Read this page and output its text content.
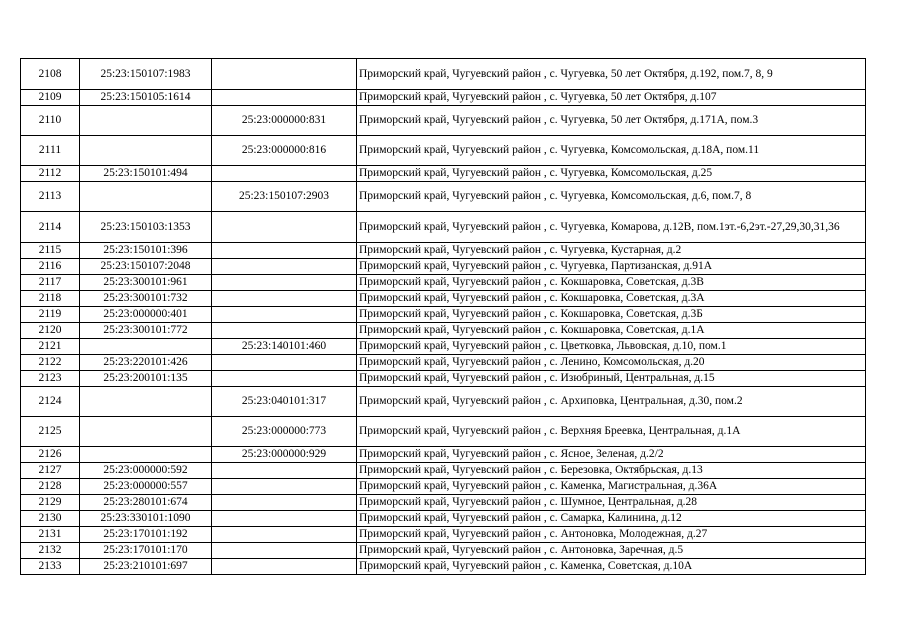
2108	25:23:150107:1983		Приморский край, Чугуевский район , с. Чугуевка, 50 лет Октября, д.192, пом.7, 8, 9
2109	25:23:150105:1614		Приморский край, Чугуевский район , с. Чугуевка, 50 лет Октября, д.107
2110		25:23:000000:831	Приморский край, Чугуевский район , с. Чугуевка, 50 лет Октября, д.171А, пом.3
2111		25:23:000000:816	Приморский край, Чугуевский район , с. Чугуевка, Комсомольская, д.18А, пом.11
2112	25:23:150101:494		Приморский край, Чугуевский район , с. Чугуевка, Комсомольская, д.25
2113		25:23:150107:2903	Приморский край, Чугуевский район , с. Чугуевка, Комсомольская, д.6, пом.7, 8
2114	25:23:150103:1353		Приморский край, Чугуевский район , с. Чугуевка, Комарова, д.12В, пом.1эт.-6,2эт.-27,29,30,31,36
2115	25:23:150101:396		Приморский край, Чугуевский район , с. Чугуевка, Кустарная, д.2
2116	25:23:150107:2048		Приморский край, Чугуевский район , с. Чугуевка, Партизанская, д.91А
2117	25:23:300101:961		Приморский край, Чугуевский район , с. Кокшаровка, Советская, д.3В
2118	25:23:300101:732		Приморский край, Чугуевский район , с. Кокшаровка, Советская, д.3А
2119	25:23:000000:401		Приморский край, Чугуевский район , с. Кокшаровка, Советская, д.3Б
2120	25:23:300101:772		Приморский край, Чугуевский район , с. Кокшаровка, Советская, д.1А
2121		25:23:140101:460	Приморский край, Чугуевский район , с. Цветковка, Львовская, д.10, пом.1
2122	25:23:220101:426		Приморский край, Чугуевский район , с. Ленино, Комсомольская, д.20
2123	25:23:200101:135		Приморский край, Чугуевский район , с. Изюбриный, Центральная, д.15
2124		25:23:040101:317	Приморский край, Чугуевский район , с. Архиповка, Центральная, д.30, пом.2
2125		25:23:000000:773	Приморский край, Чугуевский район , с. Верхняя Бреевка, Центральная, д.1А
2126		25:23:000000:929	Приморский край, Чугуевский район , с. Ясное, Зеленая, д.2/2
2127	25:23:000000:592		Приморский край, Чугуевский район , с. Березовка, Октябрьская, д.13
2128	25:23:000000:557		Приморский край, Чугуевский район , с. Каменка, Магистральная, д.36А
2129	25:23:280101:674		Приморский край, Чугуевский район , с. Шумное, Центральная, д.28
2130	25:23:330101:1090		Приморский край, Чугуевский район , с. Самарка, Калинина, д.12
2131	25:23:170101:192		Приморский край, Чугуевский район , с. Антоновка, Молодежная, д.27
2132	25:23:170101:170		Приморский край, Чугуевский район , с. Антоновка, Заречная, д.5
2133	25:23:210101:697		Приморский край, Чугуевский район , с. Каменка, Советская, д.10А
